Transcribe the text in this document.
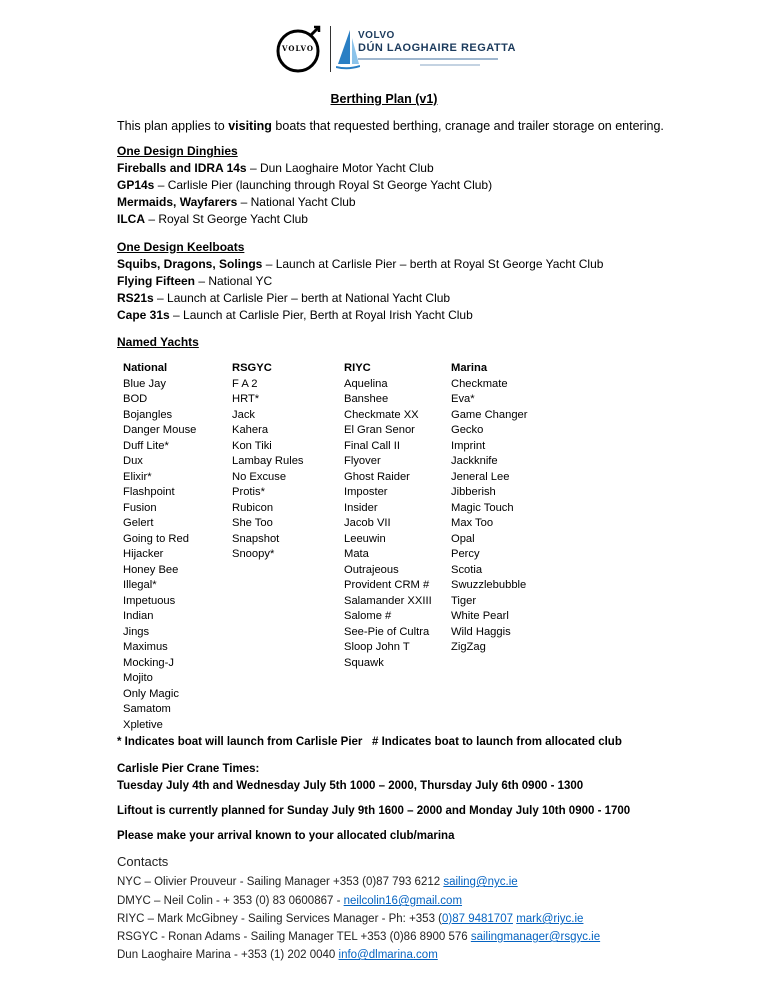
VOLVO
VOLVO
DÚN LAOGHAIRE REGATTA
Berthing Plan (v1)
This plan applies to visiting boats that requested berthing, cranage and trailer storage on entering.
One Design Dinghies
Fireballs and IDRA 14s – Dun Laoghaire Motor Yacht Club
GP14s – Carlisle Pier (launching through Royal St George Yacht Club)
Mermaids, Wayfarers – National Yacht Club
ILCA – Royal St George Yacht Club
One Design Keelboats
Squibs, Dragons, Solings – Launch at Carlisle Pier – berth at Royal St George Yacht Club
Flying Fifteen – National YC
RS21s – Launch at Carlisle Pier – berth at National Yacht Club
Cape 31s – Launch at Carlisle Pier, Berth at Royal Irish Yacht Club
Named Yachts
National
Blue Jay
BOD
Bojangles
Danger Mouse
Duff Lite*
Dux
Elixir*
Flashpoint
Fusion
Gelert
Going to Red
Hijacker
Honey Bee
Illegal*
Impetuous
Indian
Jings
Maximus
Mocking-J
Mojito
Only Magic
Samatom
Xpletive
RSGYC
F A 2
HRT*
Jack
Kahera
Kon Tiki
Lambay Rules
No Excuse
Protis*
Rubicon
She Too
Snapshot
Snoopy*
RIYC
Aquelina
Banshee
Checkmate XX
El Gran Senor
Final Call II
Flyover
Ghost Raider
Imposter
Insider
Jacob VII
Leeuwin
Mata
Outrajeous
Provident CRM #
Salamander XXIII
Salome #
See-Pie of Cultra
Sloop John T
Squawk
Marina
Checkmate
Eva*
Game Changer
Gecko
Imprint
Jackknife
Jeneral Lee
Jibberish
Magic Touch
Max Too
Opal
Percy
Scotia
Swuzzlebubble
Tiger
White Pearl
Wild Haggis
ZigZag
* Indicates boat will launch from Carlisle Pier   # Indicates boat to launch from allocated club
Carlisle Pier Crane Times:
Tuesday July 4th and Wednesday July 5th 1000 – 2000, Thursday July 6th 0900 - 1300
Liftout is currently planned for Sunday July 9th 1600 – 2000 and Monday July 10th 0900 - 1700
Please make your arrival known to your allocated club/marina
Contacts
NYC – Olivier Prouveur - Sailing Manager +353 (0)87 793 6212 sailing@nyc.ie
DMYC – Neil Colin - + 353 (0) 83 0600867 - neilcolin16@gmail.com
RIYC – Mark McGibney - Sailing Services Manager - Ph: +353 (0)87 9481707 mark@riyc.ie
RSGYC - Ronan Adams - Sailing Manager TEL +353 (0)86 8900 576 sailingmanager@rsgyc.ie
Dun Laoghaire Marina - +353 (1) 202 0040 info@dlmarina.com
